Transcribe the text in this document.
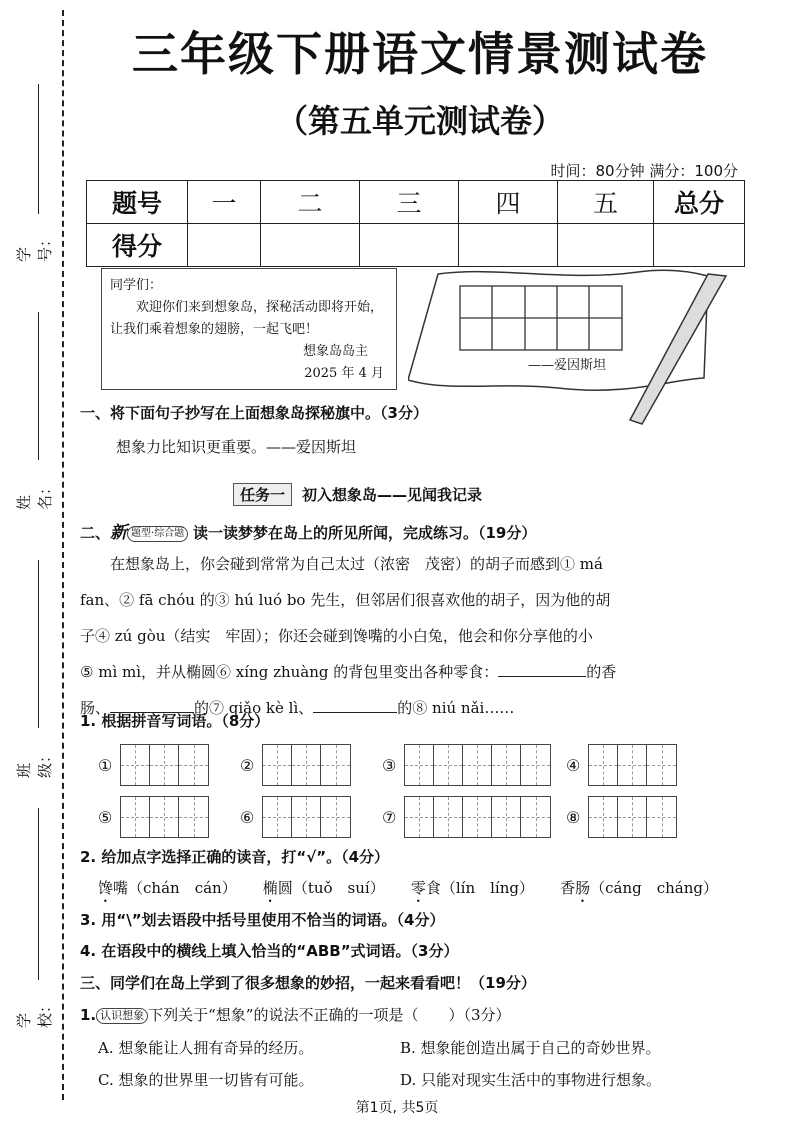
学号：
姓名：
班级：
学校：
三年级下册语文情景测试卷
（第五单元测试卷）
时间：80分钟 满分：100分
题号	一	二	三	四	五	总分
得分						
同学们：
欢迎你们来到想象岛，探秘活动即将开始，让我们乘着想象的翅膀，一起飞吧！
想象岛岛主
2025 年 4 月
——爱因斯坦
一、将下面句子抄写在上面想象岛探秘旗中。（3分）
想象力比知识更重要。——爱因斯坦
任务一 初入想象岛——见闻我记录
二、新 题型·综合题 读一读梦梦在岛上的所见所闻，完成练习。（19分）
在想象岛上，你会碰到常常为自己太过（浓密　茂密）的胡子而感到① má
fan、② fā chóu 的③ hú luó bo 先生，但邻居们很喜欢他的胡子，因为他的胡
子④ zú gòu（结实　牢固）；你还会碰到馋嘴的小白兔，他会和你分享他的小
⑤ mì mì，并从椭圆⑥ xíng zhuàng 的背包里变出各种零食：	的香
肠、	的⑦ qiǎo kè lì、	的⑧ niú nǎi……
1. 根据拼音写词语。（8分）
①	②	③	④
⑤	⑥	⑦	⑧
2. 给加点字选择正确的读音，打“√”。（4分）
馋嘴（chán　cán） 椭圆（tuǒ　suí） 零食（lín　líng） 香肠（cáng　cháng）
3. 用“\”划去语段中括号里使用不恰当的词语。（4分）
4. 在语段中的横线上填入恰当的“ABB”式词语。（3分）
三、同学们在岛上学到了很多想象的妙招，一起来看看吧！（19分）
1. 认识想象 下列关于“想象”的说法不正确的一项是（　　）（3分）
A. 想象能让人拥有奇异的经历。	B. 想象能创造出属于自己的奇妙世界。
C. 想象的世界里一切皆有可能。	D. 只能对现实生活中的事物进行想象。
第1页, 共5页
